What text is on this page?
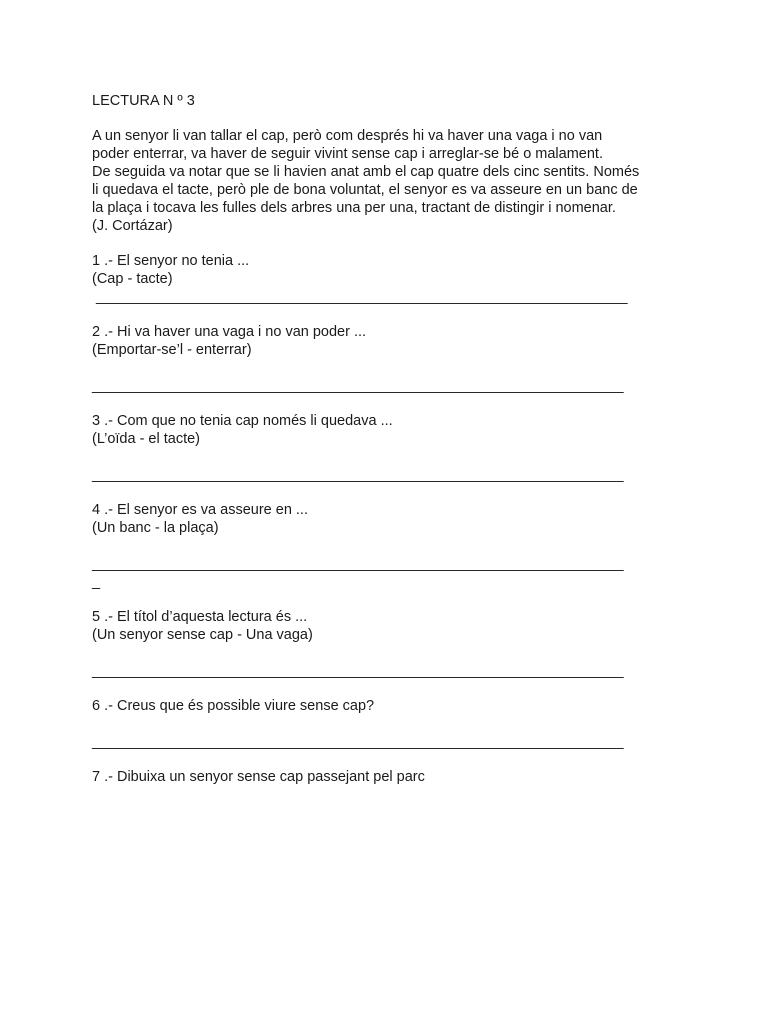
LECTURA N º 3
A un senyor li van tallar el cap, però com després hi va haver una vaga i no van
poder enterrar, va haver de seguir vivint sense cap i arreglar-se bé o malament.
De seguida va notar que se li havien anat amb el cap quatre dels cinc sentits. Només
li quedava el tacte, però ple de bona voluntat, el senyor es va asseure en un banc de
la plaça i tocava les fulles dels arbres una per una, tractant de distingir i nomenar.
(J. Cortázar)
1 .- El senyor no tenia ...
(Cap - tacte)
____________________________________________________________________
2 .- Hi va haver una vaga i no van poder ...
(Emportar-se’l - enterrar)
____________________________________________________________________
3 .- Com que no tenia cap només li quedava ...
(L’oïda - el tacte)
____________________________________________________________________
4 .- El senyor es va asseure en ...
(Un banc - la plaça)
____________________________________________________________________
_
5 .- El títol d’aquesta lectura és ...
(Un senyor sense cap - Una vaga)
____________________________________________________________________
6 .- Creus que és possible viure sense cap?
____________________________________________________________________
7 .- Dibuixa un senyor sense cap passejant pel parc
